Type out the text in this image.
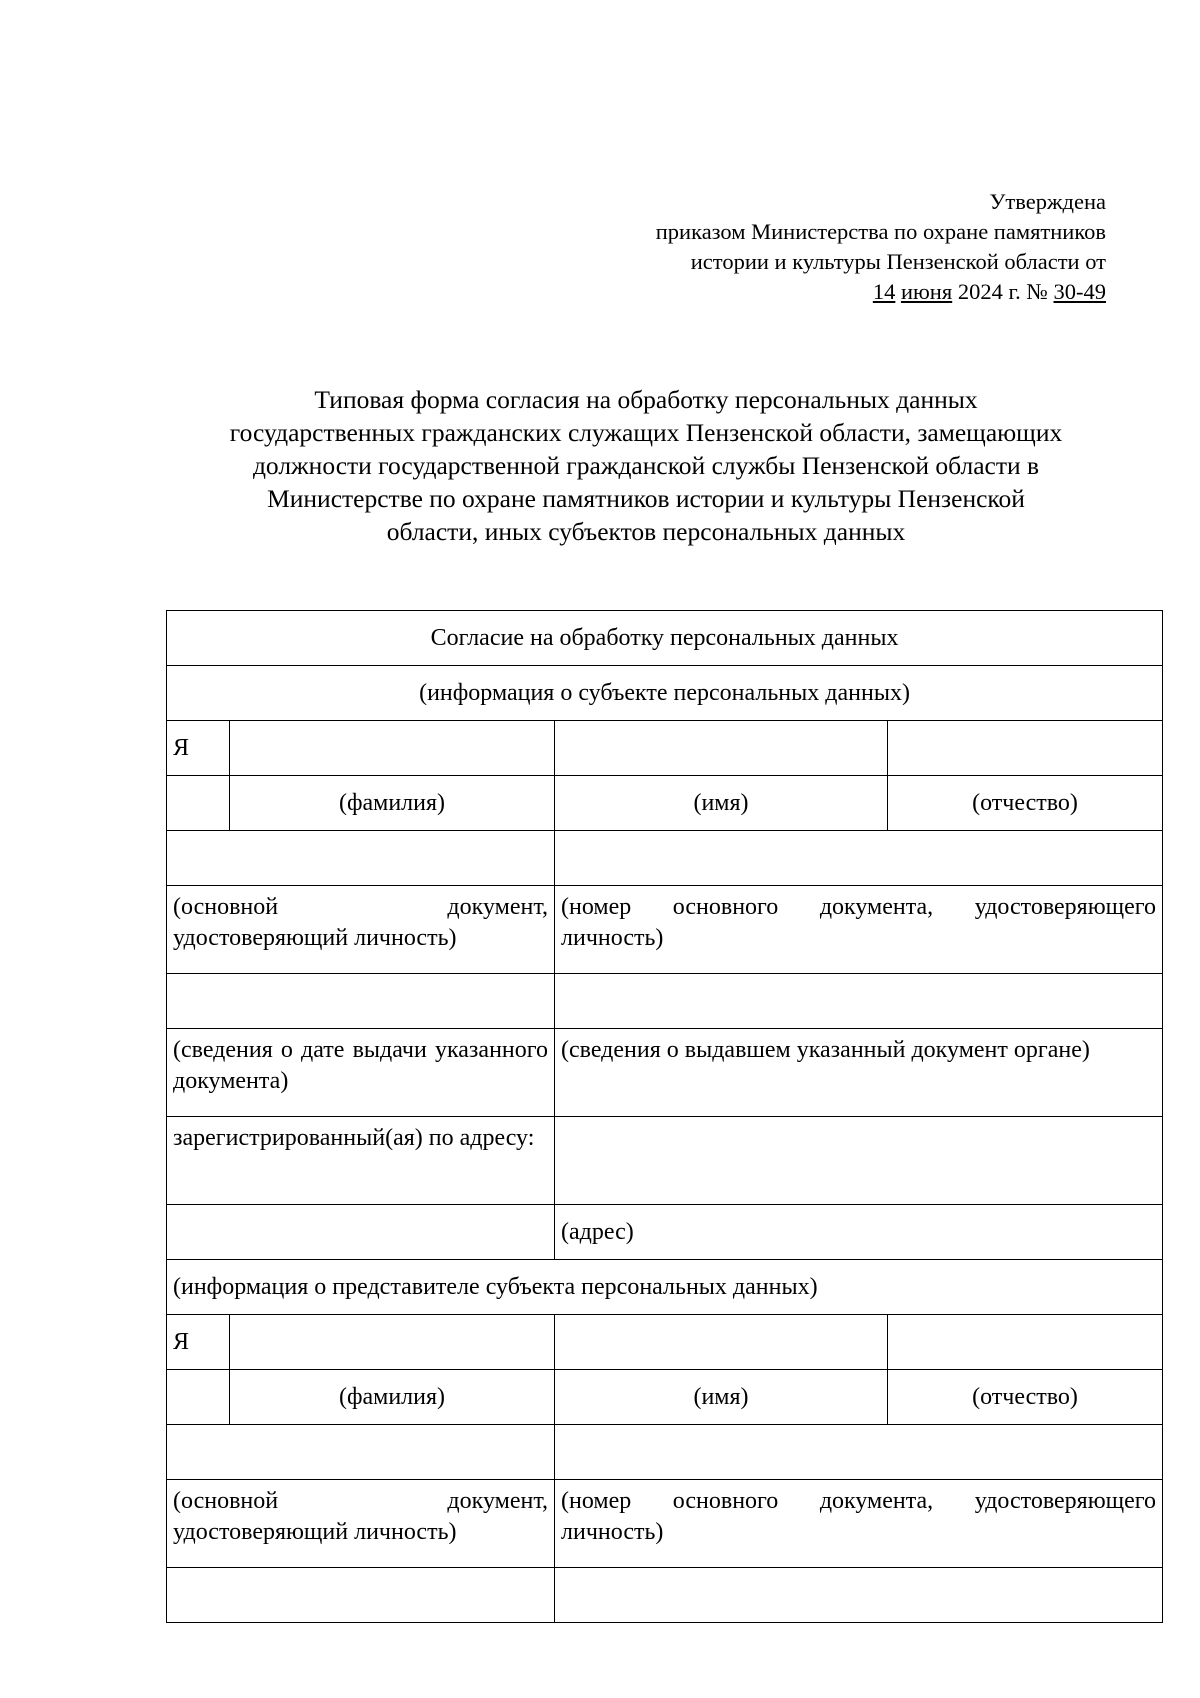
Утверждена
приказом Министерства по охране памятников
истории и культуры Пензенской области от
14 июня 2024 г. № 30-49
Типовая форма согласия на обработку персональных данных
государственных гражданских служащих Пензенской области, замещающих
должности государственной гражданской службы Пензенской области в
Министерстве по охране памятников истории и культуры Пензенской
области, иных субъектов персональных данных
Согласие на обработку персональных данных			
(информация о субъекте персональных данных)			
Я			
	(фамилия)	(имя)	(отчество)

(основной документ, удостоверяющий личность)		(номер основного документа, удостоверяющего личность)	

(сведения о дате выдачи указанного документа)		(сведения о выдавшем указанный документ органе)	
зарегистрированный(ая) по адресу:			
		(адрес)	
(информация о представителе субъекта персональных данных)			
Я			
	(фамилия)	(имя)	(отчество)

(основной документ, удостоверяющий личность)		(номер основного документа, удостоверяющего личность)	
